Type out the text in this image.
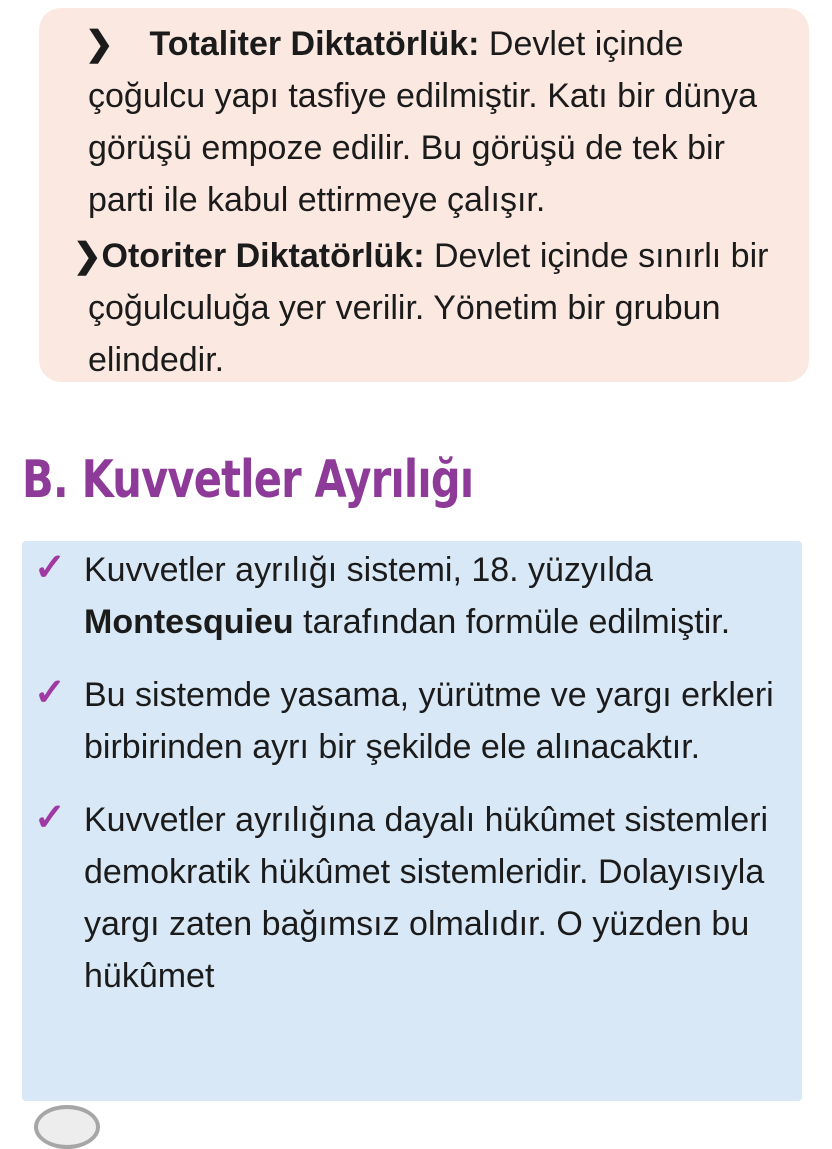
❯ Totaliter Diktatörlük: Devlet içinde çoğulcu yapı tasfiye edilmiştir. Katı bir dünya görüşü empoze edilir. Bu görüşü de tek bir parti ile kabul ettirmeye çalışır.

❯Otoriter Diktatörlük: Devlet içinde sınırlı bir çoğulculuğa yer verilir. Yönetim bir grubun elindedir.

B. Kuvvetler Ayrılığı

✓ Kuvvetler ayrılığı sistemi, 18. yüzyılda Montesquieu tarafından formüle edilmiştir.

✓ Bu sistemde yasama, yürütme ve yargı erkleri birbirinden ayrı bir şekilde ele alınacaktır.

✓ Kuvvetler ayrılığına dayalı hükûmet sistemleri demokratik hükûmet sistemleridir. Dolayısıyla yargı zaten bağımsız olmalıdır. O yüzden bu hükûmet
